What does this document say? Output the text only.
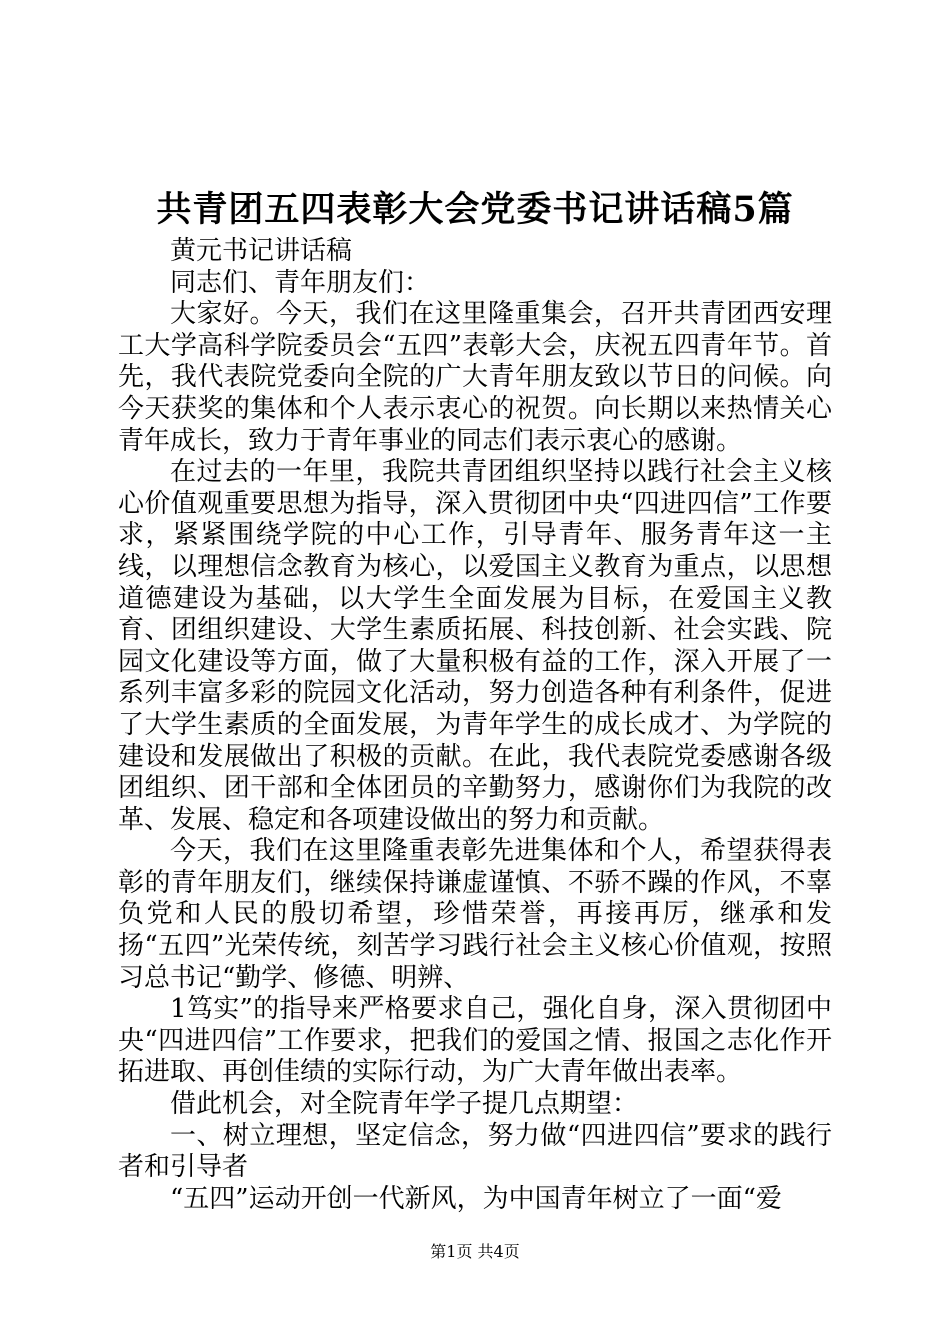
共青团五四表彰大会党委书记讲话稿5篇

黄元书记讲话稿

同志们、青年朋友们：

大家好。今天，我们在这里隆重集会，召开共青团西安理工大学高科学院委员会“五四”表彰大会，庆祝五四青年节。首先，我代表院党委向全院的广大青年朋友致以节日的问候。向今天获奖的集体和个人表示衷心的祝贺。向长期以来热情关心青年成长，致力于青年事业的同志们表示衷心的感谢。

在过去的一年里，我院共青团组织坚持以践行社会主义核心价值观重要思想为指导，深入贯彻团中央“四进四信”工作要求，紧紧围绕学院的中心工作，引导青年、服务青年这一主线，以理想信念教育为核心，以爱国主义教育为重点，以思想道德建设为基础，以大学生全面发展为目标，在爱国主义教育、团组织建设、大学生素质拓展、科技创新、社会实践、院园文化建设等方面，做了大量积极有益的工作，深入开展了一系列丰富多彩的院园文化活动，努力创造各种有利条件，促进了大学生素质的全面发展，为青年学生的成长成才、为学院的建设和发展做出了积极的贡献。在此，我代表院党委感谢各级团组织、团干部和全体团员的辛勤努力，感谢你们为我院的改革、发展、稳定和各项建设做出的努力和贡献。

今天，我们在这里隆重表彰先进集体和个人，希望获得表彰的青年朋友们，继续保持谦虚谨慎、不骄不躁的作风，不辜负党和人民的殷切希望，珍惜荣誉，再接再厉，继承和发扬“五四”光荣传统，刻苦学习践行社会主义核心价值观，按照习总书记“勤学、修德、明辨、

1笃实”的指导来严格要求自己，强化自身，深入贯彻团中央“四进四信”工作要求，把我们的爱国之情、报国之志化作开拓进取、再创佳绩的实际行动，为广大青年做出表率。

借此机会，对全院青年学子提几点期望：

一、树立理想，坚定信念，努力做“四进四信”要求的践行者和引导者

“五四”运动开创一代新风，为中国青年树立了一面“爱

第1页 共4页
